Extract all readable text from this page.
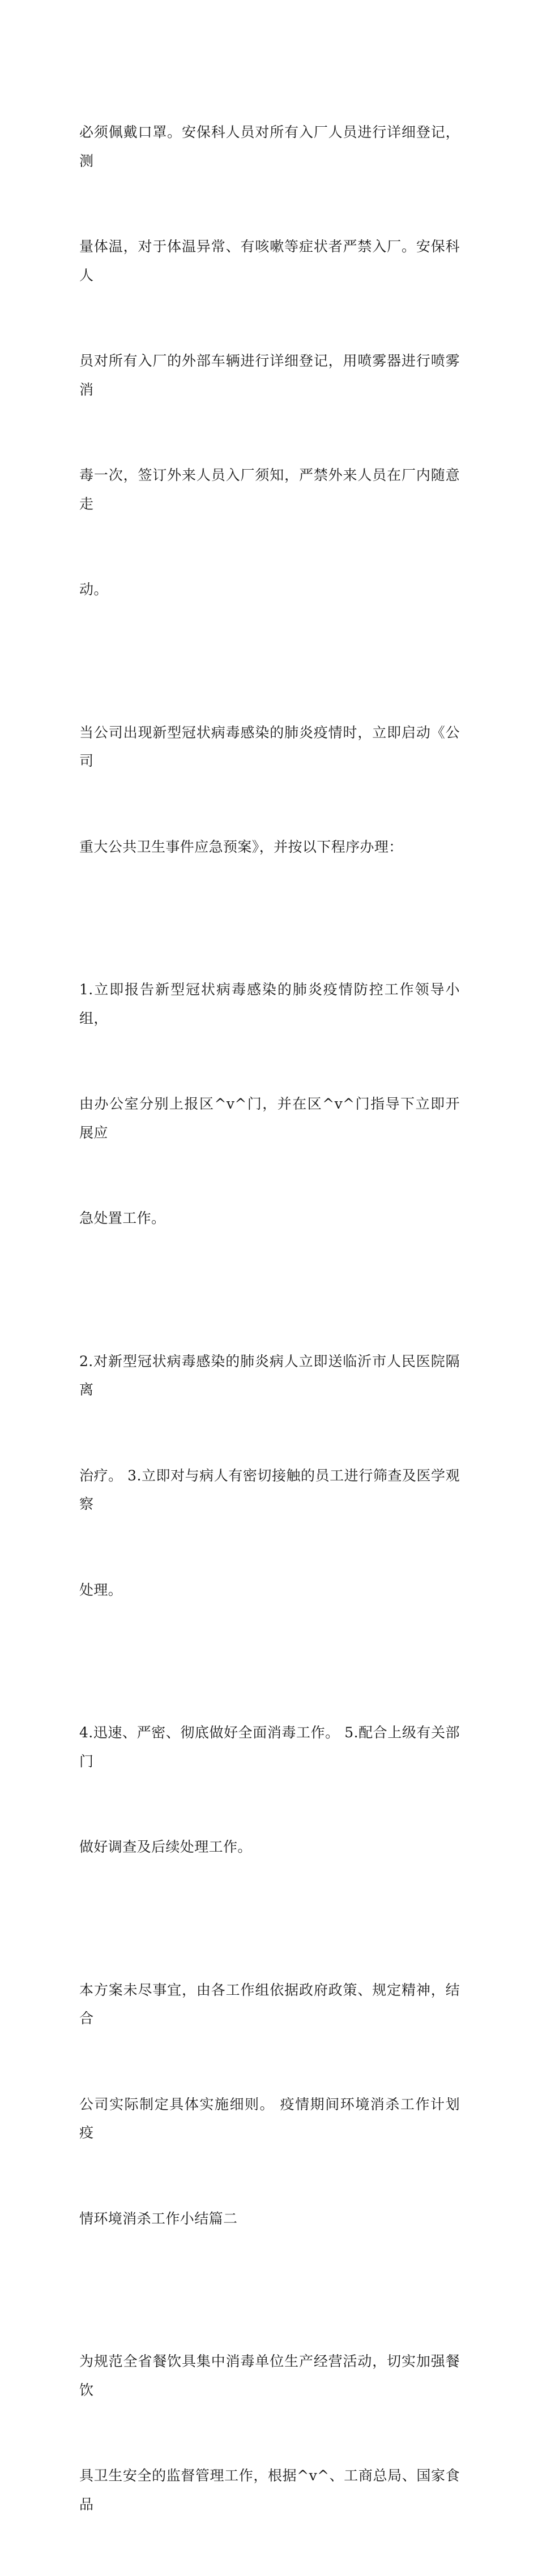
必须佩戴口罩。安保科人员对所有入厂人员进行详细登记，测

量体温，对于体温异常、有咳嗽等症状者严禁入厂。安保科人

员对所有入厂的外部车辆进行详细登记，用喷雾器进行喷雾消

毒一次，签订外来人员入厂须知，严禁外来人员在厂内随意走

动。

当公司出现新型冠状病毒感染的肺炎疫情时，立即启动《公司

重大公共卫生事件应急预案》，并按以下程序办理：

1.立即报告新型冠状病毒感染的肺炎疫情防控工作领导小组，

由办公室分别上报区^v^门，并在区^v^门指导下立即开展应

急处置工作。

2.对新型冠状病毒感染的肺炎病人立即送临沂市人民医院隔离

治疗。 3.立即对与病人有密切接触的员工进行筛查及医学观察

处理。

4.迅速、严密、彻底做好全面消毒工作。 5.配合上级有关部门

做好调查及后续处理工作。

本方案未尽事宜，由各工作组依据政府政策、规定精神，结合

公司实际制定具体实施细则。 疫情期间环境消杀工作计划 疫

情环境消杀工作小结篇二

为规范全省餐饮具集中消毒单位生产经营活动，切实加强餐饮

具卫生安全的监督管理工作，根据^v^、工商总局、国家食品
